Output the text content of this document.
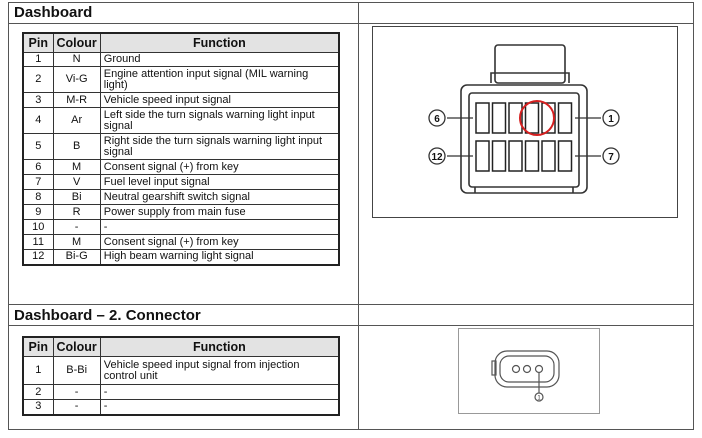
Dashboard
Dashboard – 2. Connector
Pin	Colour	Function
1	N	Ground
2	Vi-G	Engine attention input signal (MIL warning light)
3	M-R	Vehicle speed input signal
4	Ar	Left side the turn signals warning light input signal
5	B	Right side the turn signals warning light input signal
6	M	Consent signal (+) from key
7	V	Fuel level input signal
8	Bi	Neutral gearshift switch signal
9	R	Power supply from main fuse
10	-	-
11	M	Consent signal (+) from key
12	Bi-G	High beam warning light signal
Pin	Colour	Function
1	B-Bi	Vehicle speed input signal from injection control unit
2	-	-
3	-	-
6	1
12	7
1
